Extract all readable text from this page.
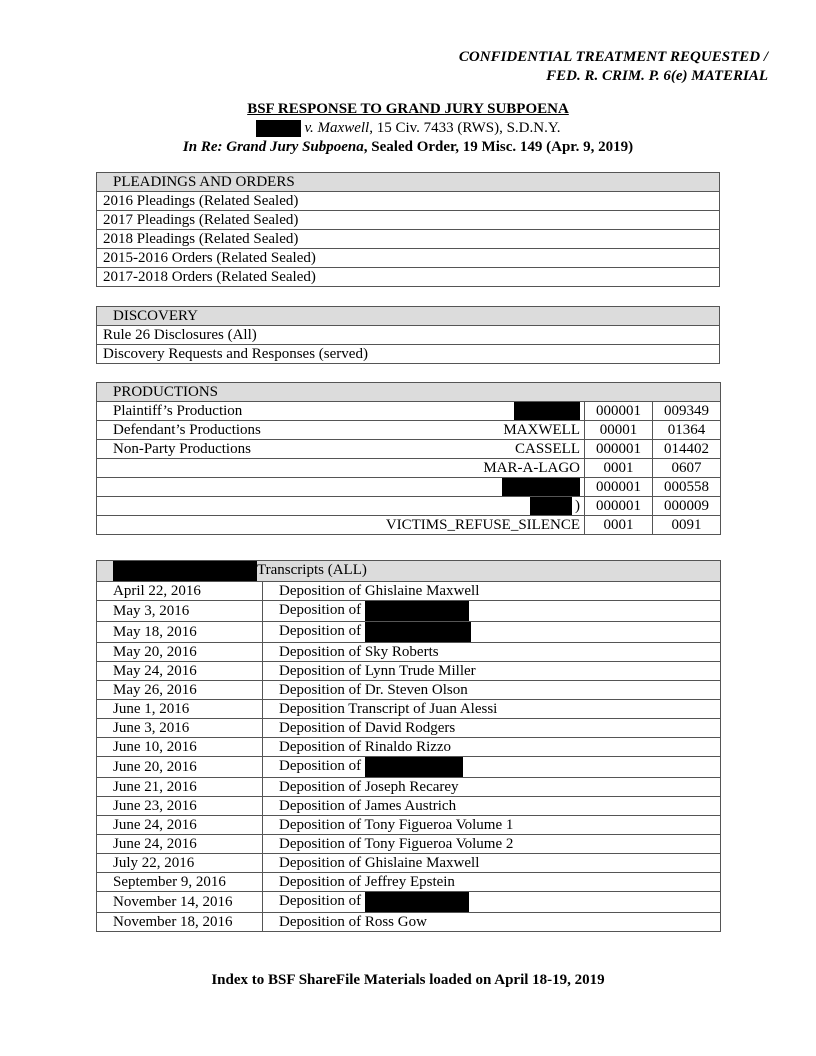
CONFIDENTIAL TREATMENT REQUESTED /
FED. R. CRIM. P. 6(e) MATERIAL
BSF RESPONSE TO GRAND JURY SUBPOENA
v. Maxwell, 15 Civ. 7433 (RWS), S.D.N.Y.
In Re: Grand Jury Subpoena, Sealed Order, 19 Misc. 149 (Apr. 9, 2019)
PLEADINGS AND ORDERS
2016 Pleadings (Related Sealed)
2017 Pleadings (Related Sealed)
2018 Pleadings (Related Sealed)
2015-2016 Orders (Related Sealed)
2017-2018 Orders (Related Sealed)
DISCOVERY
Rule 26 Disclosures (All)
Discovery Requests and Responses (served)
PRODUCTIONS		

Plaintiff’s Production	000001	009349

Defendant’s Productions MAXWELL	00001	01364

Non-Party Productions CASSELL	000001	014402

MAR-A-LAGO	0001	0607

	000001	000558

)	000001	000009

VICTIMS_REFUSE_SILENCE	0001	0091
Transcripts (ALL)	
April 22, 2016	Deposition of Ghislaine Maxwell
May 3, 2016	Deposition of
May 18, 2016	Deposition of
May 20, 2016	Deposition of Sky Roberts
May 24, 2016	Deposition of Lynn Trude Miller
May 26, 2016	Deposition of Dr. Steven Olson
June 1, 2016	Deposition Transcript of Juan Alessi
June 3, 2016	Deposition of David Rodgers
June 10, 2016	Deposition of Rinaldo Rizzo
June 20, 2016	Deposition of
June 21, 2016	Deposition of Joseph Recarey
June 23, 2016	Deposition of James Austrich
June 24, 2016	Deposition of Tony Figueroa Volume 1
June 24, 2016	Deposition of Tony Figueroa Volume 2
July 22, 2016	Deposition of Ghislaine Maxwell
September 9, 2016	Deposition of Jeffrey Epstein
November 14, 2016	Deposition of
November 18, 2016	Deposition of Ross Gow
Index to BSF ShareFile Materials loaded on April 18-19, 2019
